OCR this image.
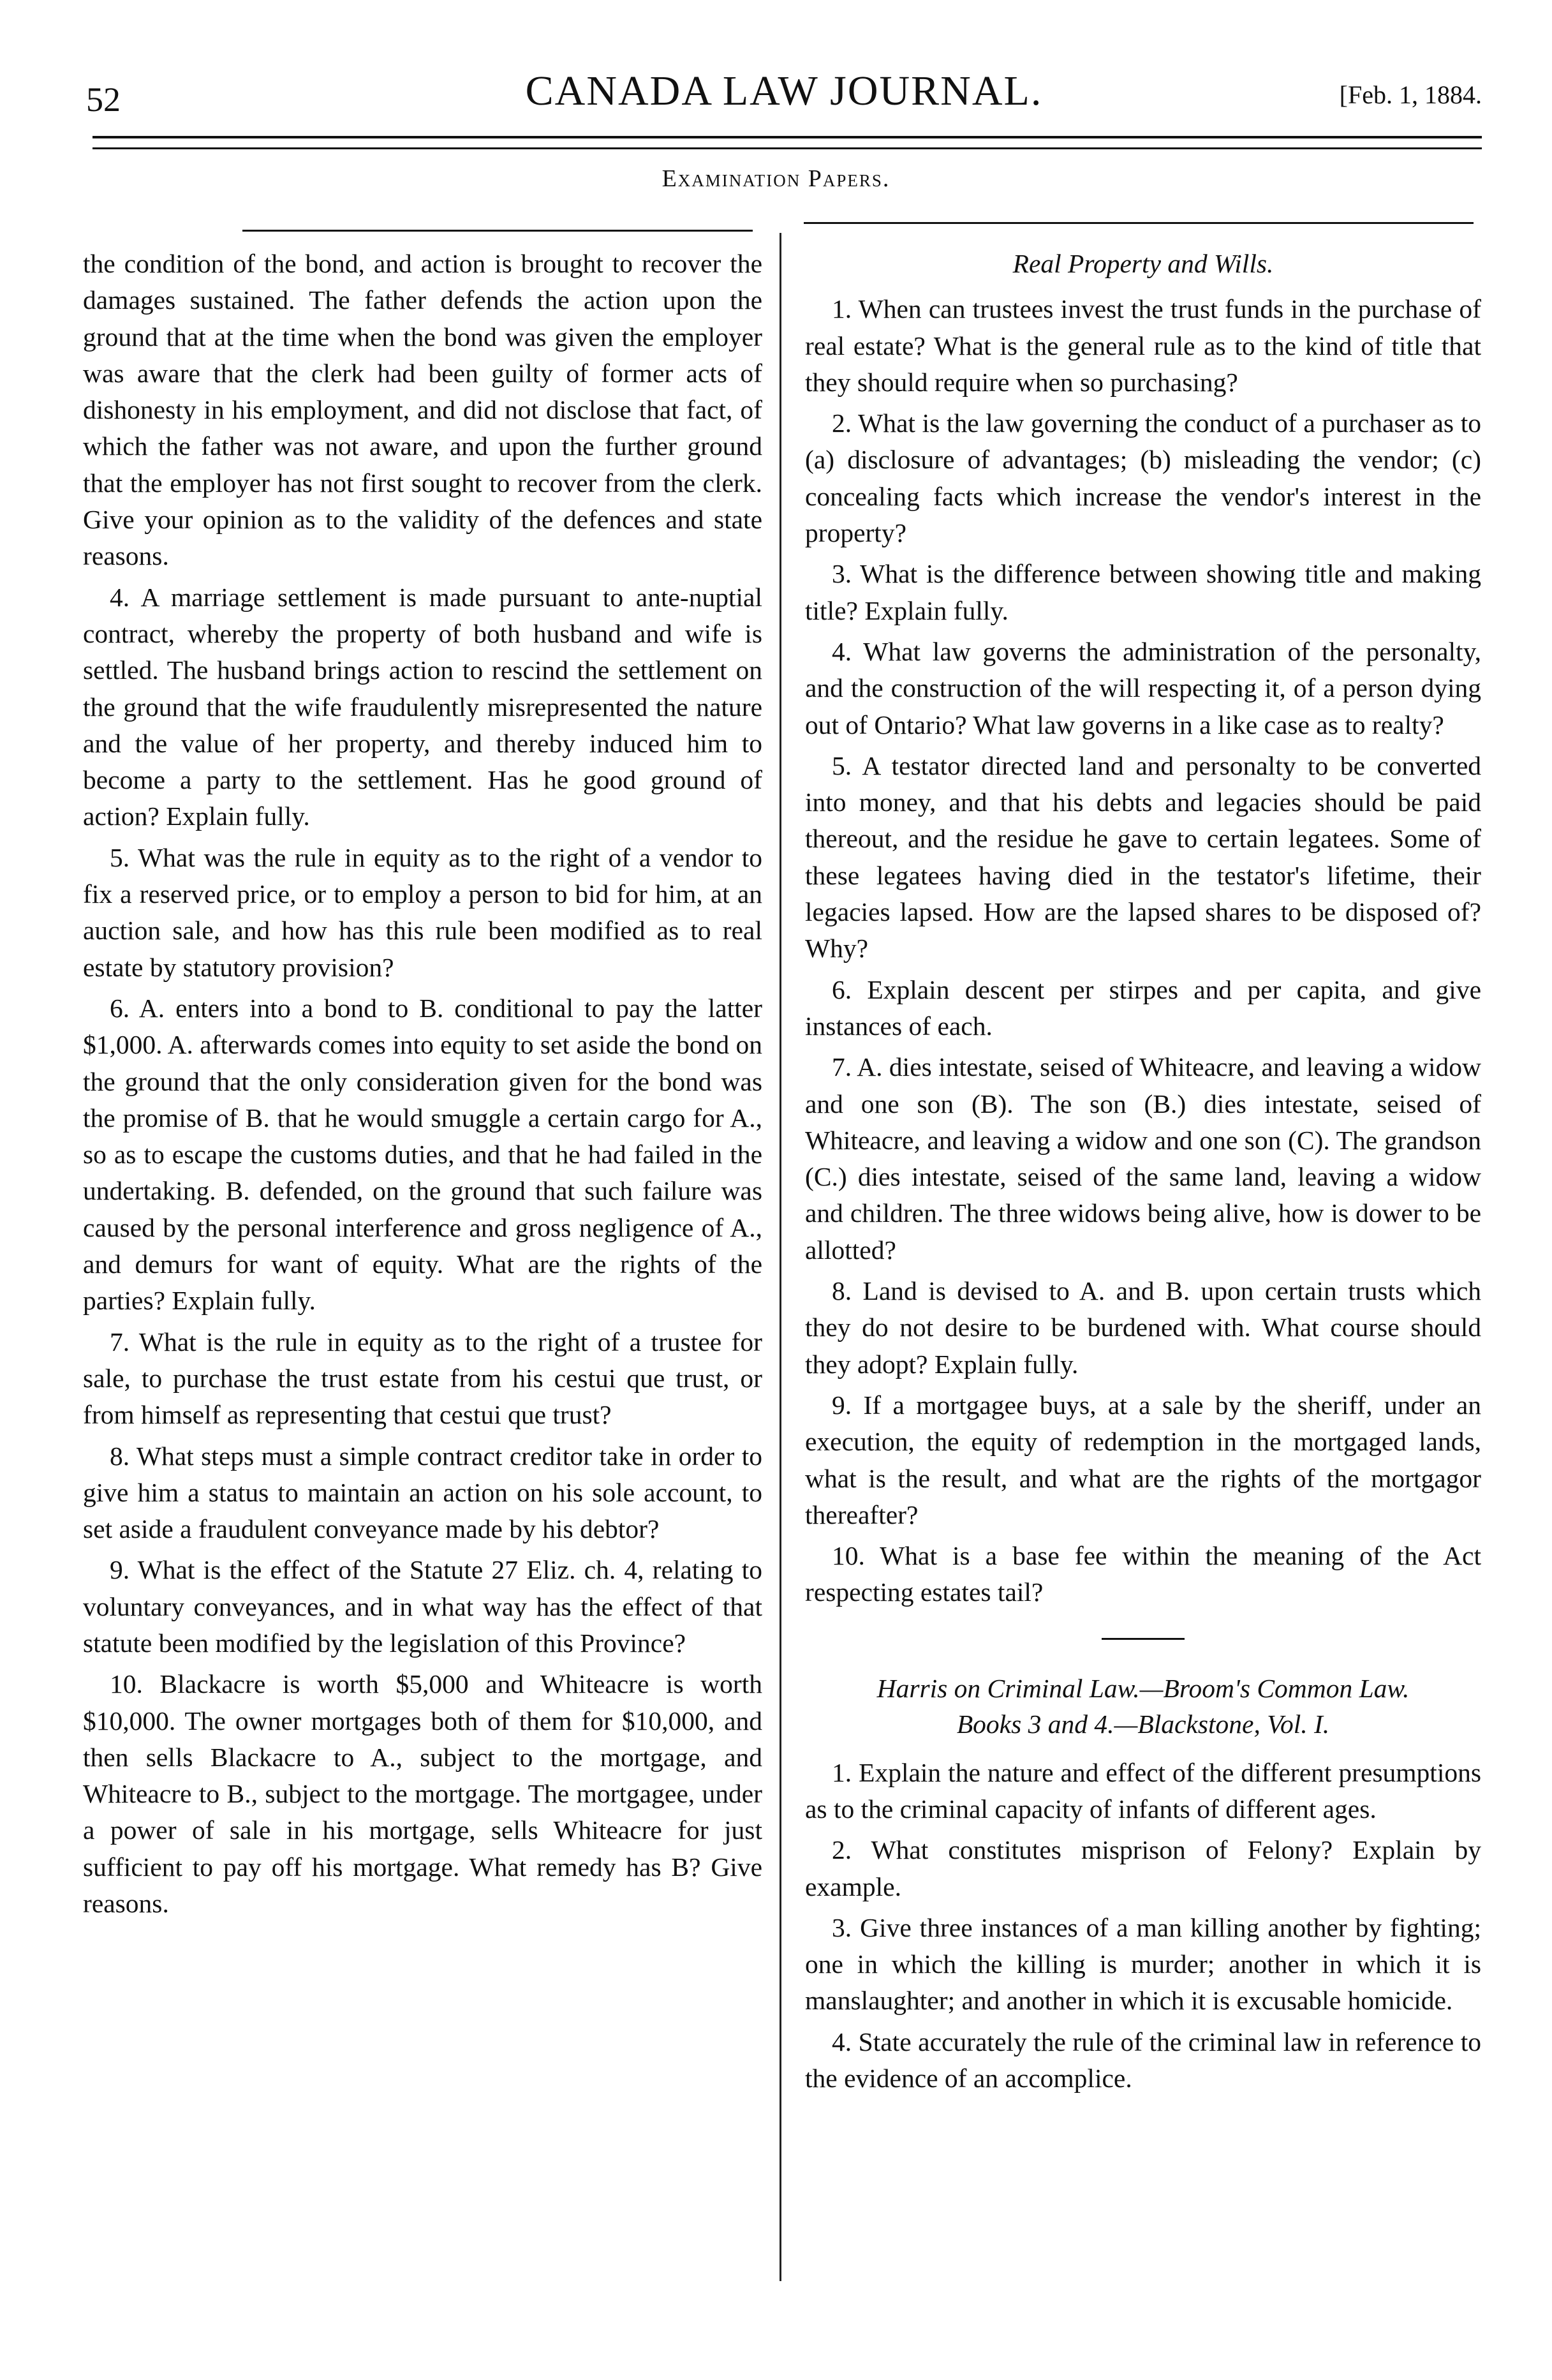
52	CANADA LAW JOURNAL.	[Feb. 1, 1884.
Examination Papers.

the condition of the bond, and action is brought to recover the damages sustained. The father defends the action upon the ground that at the time when the bond was given the employer was aware that the clerk had been guilty of former acts of dishonesty in his employment, and did not disclose that fact, of which the father was not aware, and upon the further ground that the employer has not first sought to recover from the clerk. Give your opinion as to the validity of the defences and state reasons.

4. A marriage settlement is made pursuant to ante-nuptial contract, whereby the property of both husband and wife is settled. The husband brings action to rescind the settlement on the ground that the wife fraudulently misrepresented the nature and the value of her property, and thereby induced him to become a party to the settlement. Has he good ground of action? Explain fully.

5. What was the rule in equity as to the right of a vendor to fix a reserved price, or to employ a person to bid for him, at an auction sale, and how has this rule been modified as to real estate by statutory provision?

6. A. enters into a bond to B. conditional to pay the latter $1,000. A. afterwards comes into equity to set aside the bond on the ground that the only consideration given for the bond was the promise of B. that he would smuggle a certain cargo for A., so as to escape the customs duties, and that he had failed in the undertaking. B. defended, on the ground that such failure was caused by the personal interference and gross negligence of A., and demurs for want of equity. What are the rights of the parties? Explain fully.

7. What is the rule in equity as to the right of a trustee for sale, to purchase the trust estate from his cestui que trust, or from himself as representing that cestui que trust?

8. What steps must a simple contract creditor take in order to give him a status to maintain an action on his sole account, to set aside a fraudulent conveyance made by his debtor?

9. What is the effect of the Statute 27 Eliz. ch. 4, relating to voluntary conveyances, and in what way has the effect of that statute been modified by the legislation of this Province?

10. Blackacre is worth $5,000 and Whiteacre is worth $10,000. The owner mortgages both of them for $10,000, and then sells Blackacre to A., subject to the mortgage, and Whiteacre to B., subject to the mortgage. The mortgagee, under a power of sale in his mortgage, sells Whiteacre for just sufficient to pay off his mortgage. What remedy has B? Give reasons.

Real Property and Wills.

1. When can trustees invest the trust funds in the purchase of real estate? What is the general rule as to the kind of title that they should require when so purchasing?

2. What is the law governing the conduct of a purchaser as to (a) disclosure of advantages; (b) misleading the vendor; (c) concealing facts which increase the vendor's interest in the property?

3. What is the difference between showing title and making title? Explain fully.

4. What law governs the administration of the personalty, and the construction of the will respecting it, of a person dying out of Ontario? What law governs in a like case as to realty?

5. A testator directed land and personalty to be converted into money, and that his debts and legacies should be paid thereout, and the residue he gave to certain legatees. Some of these legatees having died in the testator's lifetime, their legacies lapsed. How are the lapsed shares to be disposed of? Why?

6. Explain descent per stirpes and per capita, and give instances of each.

7. A. dies intestate, seised of Whiteacre, and leaving a widow and one son (B). The son (B.) dies intestate, seised of Whiteacre, and leaving a widow and one son (C). The grandson (C.) dies intestate, seised of the same land, leaving a widow and children. The three widows being alive, how is dower to be allotted?

8. Land is devised to A. and B. upon certain trusts which they do not desire to be burdened with. What course should they adopt? Explain fully.

9. If a mortgagee buys, at a sale by the sheriff, under an execution, the equity of redemption in the mortgaged lands, what is the result, and what are the rights of the mortgagor thereafter?

10. What is a base fee within the meaning of the Act respecting estates tail?

Harris on Criminal Law.—Broom's Common Law.
Books 3 and 4.—Blackstone, Vol. I.

1. Explain the nature and effect of the different presumptions as to the criminal capacity of infants of different ages.

2. What constitutes misprison of Felony? Explain by example.

3. Give three instances of a man killing another by fighting; one in which the killing is murder; another in which it is manslaughter; and another in which it is excusable homicide.

4. State accurately the rule of the criminal law in reference to the evidence of an accomplice.
